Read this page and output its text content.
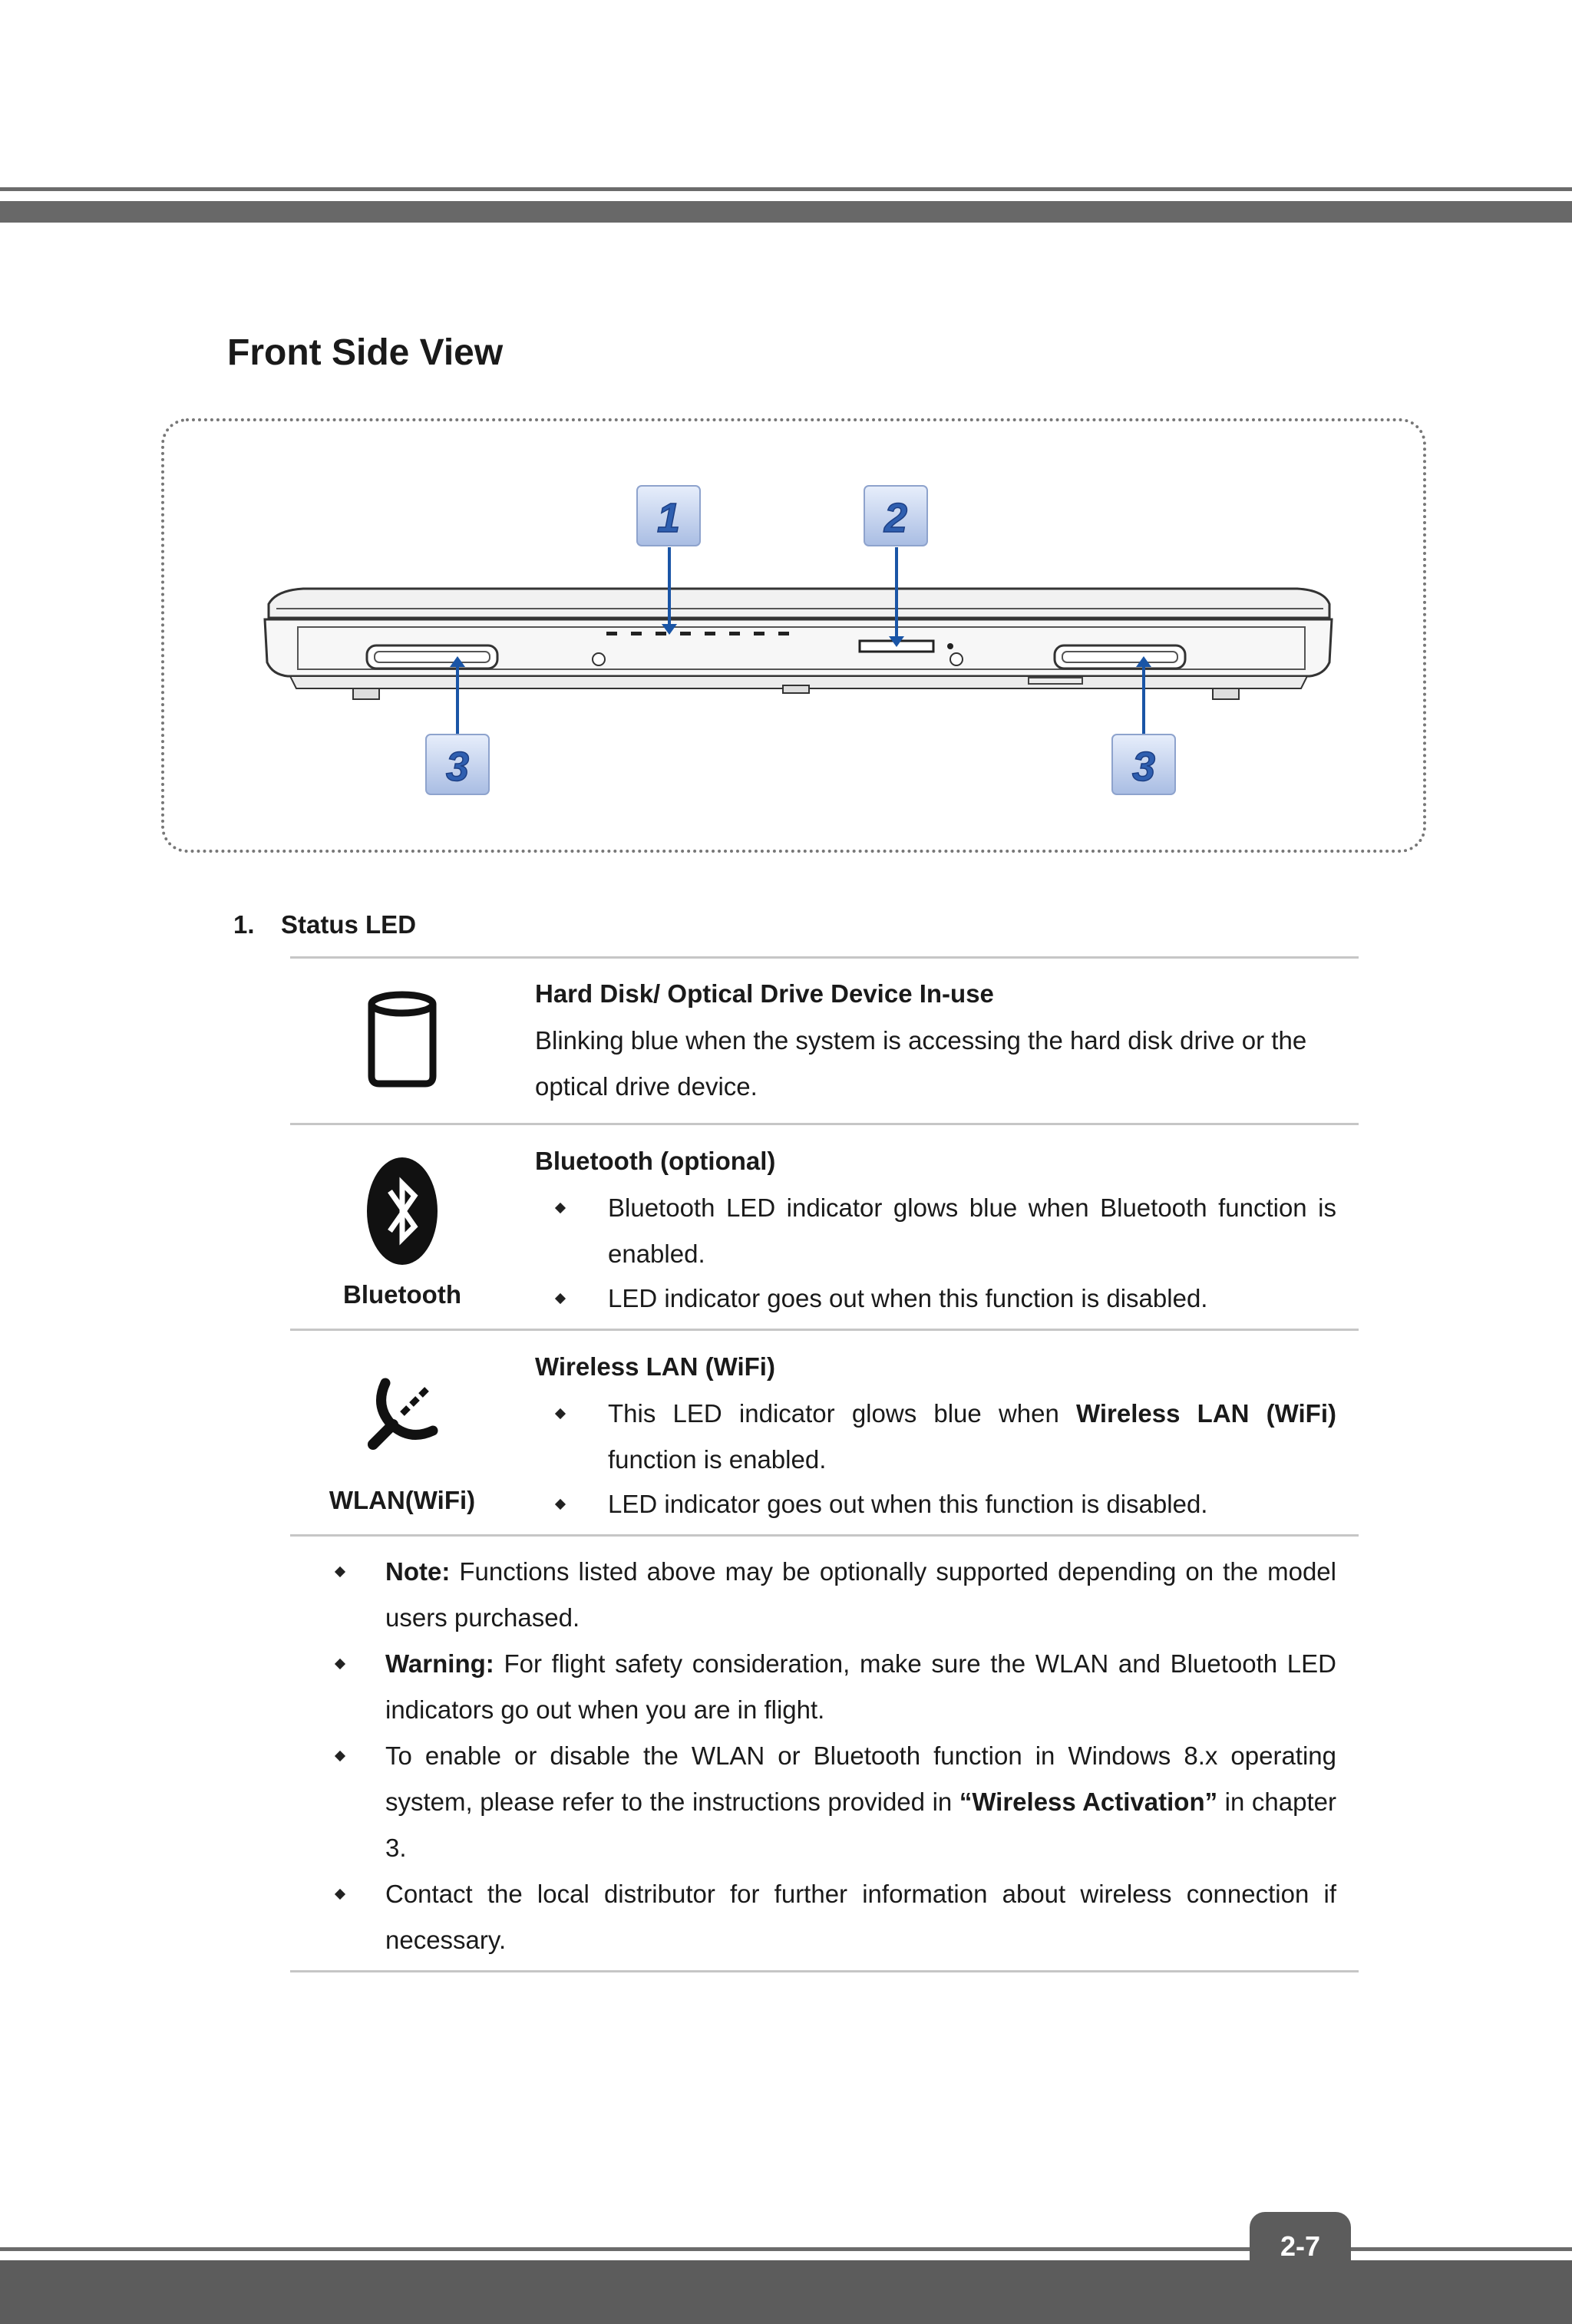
Front Side View
1	2
3	3
1. Status LED
Hard Disk/ Optical Drive Device In-use
Blinking blue when the system is accessing the hard disk drive or the optical drive device.
Bluetooth
Bluetooth (optional)
Bluetooth LED indicator glows blue when Bluetooth function is enabled.
LED indicator goes out when this function is disabled.
WLAN(WiFi)
Wireless LAN (WiFi)
This LED indicator glows blue when Wireless LAN (WiFi) function is enabled.
LED indicator goes out when this function is disabled.
Note: Functions listed above may be optionally supported depending on the model users purchased.
Warning: For flight safety consideration, make sure the WLAN and Bluetooth LED indicators go out when you are in flight.
To enable or disable the WLAN or Bluetooth function in Windows 8.x operating system, please refer to the instructions provided in “Wireless Activation” in chapter 3.
Contact the local distributor for further information about wireless connection if necessary.
2-7
